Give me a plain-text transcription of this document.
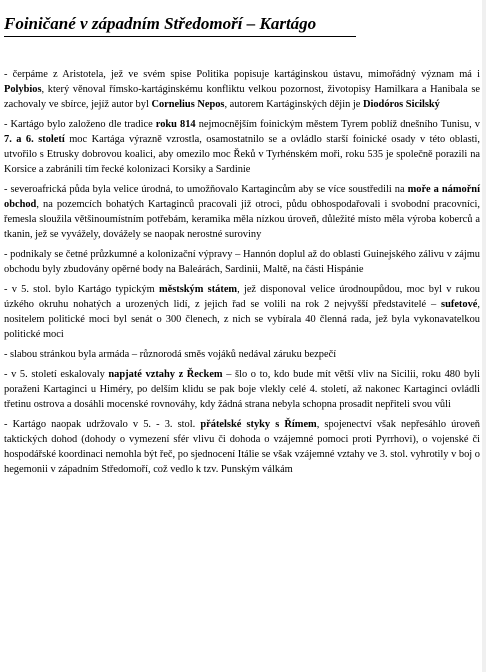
Foiničané v západním Středomoří – Kartágo

- čerpáme z Aristotela, jež ve svém spise Politika popisuje kartáginskou ústavu, mimořádný význam má i Polybios, který věnoval římsko-kartáginskému konfliktu velkou pozornost, životopisy Hamilkara a Hanibala se zachovaly ve sbírce, jejíž autor byl Cornelius Nepos, autorem Kartáginských dějin je Diodóros Sicilský

- Kartágo bylo založeno dle tradice roku 814 nejmocnějším foinickým městem Tyrem poblíž dnešního Tunisu, v 7. a 6. století moc Kartága výrazně vzrostla, osamostatnilo se a ovládlo starší foinické osady v této oblasti, utvořilo s Etrusky dobrovou koalici, aby omezilo moc Řeků v Tyrhénském moři, roku 535 je společně porazili na Korsice a zabránili tím řecké kolonizaci Korsiky a Sardinie

- severoafrická půda byla velice úrodná, to umožňovalo Kartagincům aby se více soustředili na moře a námořní obchod, na pozemcích bohatých Kartaginců pracovali již otroci, půdu obhospodařovali i svobodní pracovníci, řemesla sloužila většinoumístním potřebám, keramika měla nízkou úroveň, důležité místo měla výroba koberců a tkanin, jež se vyvážely, dovážely se naopak nerostné suroviny

- podnikaly se četné průzkumné a kolonizační výpravy – Hannón doplul až do oblasti Guinejského zálivu v zájmu obchodu byly zbudovány opěrné body na Baleárách, Sardinii, Maltě, na části Hispánie

- v 5. stol. bylo Kartágo typickým městským státem, jež disponoval velice úrodnoupůdou, moc byl v rukou úzkého okruhu nohatých a urozených lidí, z jejich řad se volili na rok 2 nejvyšší představitelé – sufetové, nositelem politické moci byl senát o 300 členech, z nich se vybírala 40 členná rada, jež byla vykonavatelkou politické moci

- slabou stránkou byla armáda – různorodá směs vojáků nedával záruku bezpečí

- v 5. století eskalovaly napjaté vztahy z Řeckem – šlo o to, kdo bude mít větší vliv na Sicilii, roku 480 byli poraženi Kartaginci u Himéry, po delším klidu se pak boje vlekly celé 4. století, až nakonec Kartaginci ovládli třetinu ostrova a dosáhli mocenské rovnováhy, kdy žádná strana nebyla schopna prosadit nepřiteli svou vůli

- Kartágo naopak udržovalo v 5. - 3. stol. přátelské styky s Římem, spojenectví však nepřesáhlo úroveň taktických dohod (dohody o vymezení sfér vlivu či dohoda o vzájemné pomoci proti Pyrrhovi), o vojenské či hospodářské koordinaci nemohla být řeč, po sjednocení Itálie se však vzájemné vztahy ve 3. stol. vyhrotily v boj o hegemonii v západním Středomoří, což vedlo k tzv. Punským válkám
